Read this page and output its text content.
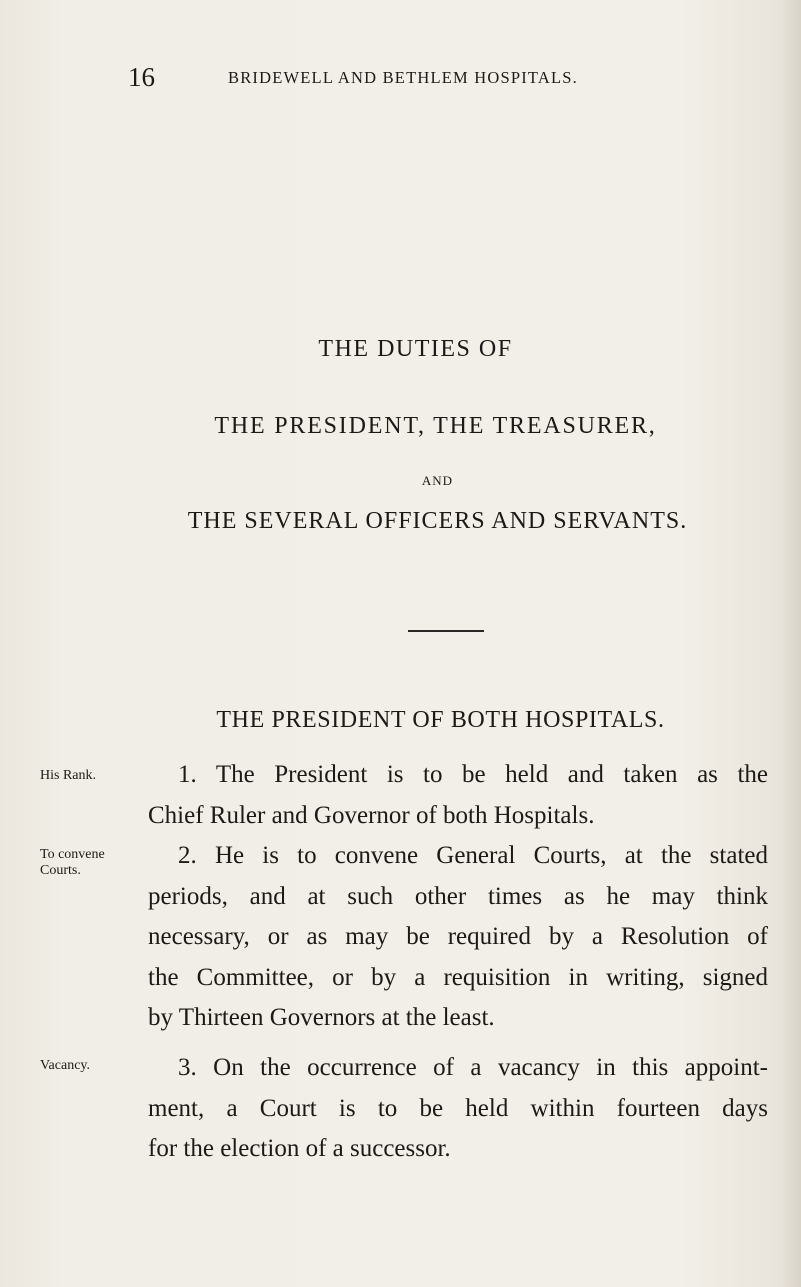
16	BRIDEWELL AND BETHLEM HOSPITALS.
THE DUTIES OF
THE PRESIDENT, THE TREASURER,
AND
THE SEVERAL OFFICERS AND SERVANTS.
THE PRESIDENT OF BOTH HOSPITALS.
His Rank.	1. The President is to be held and taken as the
Chief Ruler and Governor of both Hospitals.
To convene Courts.
2. He is to convene General Courts, at the stated
periods, and at such other times as he may think
necessary, or as may be required by a Resolution of
the Committee, or by a requisition in writing, signed
by Thirteen Governors at the least.
Vacancy.	3. On the occurrence of a vacancy in this appoint-
ment, a Court is to be held within fourteen days
for the election of a successor.
